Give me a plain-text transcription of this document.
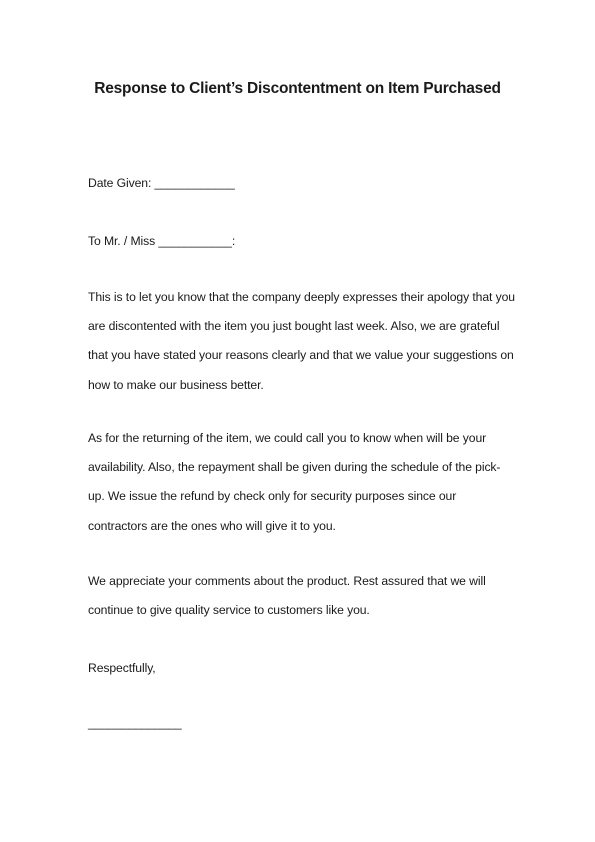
Response to Client’s Discontentment on Item Purchased
Date Given: ____________
To Mr. / Miss ___________:
This is to let you know that the company deeply expresses their apology that you
are discontented with the item you just bought last week. Also, we are grateful
that you have stated your reasons clearly and that we value your suggestions on
how to make our business better.
As for the returning of the item, we could call you to know when will be your
availability. Also, the repayment shall be given during the schedule of the pick-
up. We issue the refund by check only for security purposes since our
contractors are the ones who will give it to you.
We appreciate your comments about the product. Rest assured that we will
continue to give quality service to customers like you.
Respectfully,
______________
